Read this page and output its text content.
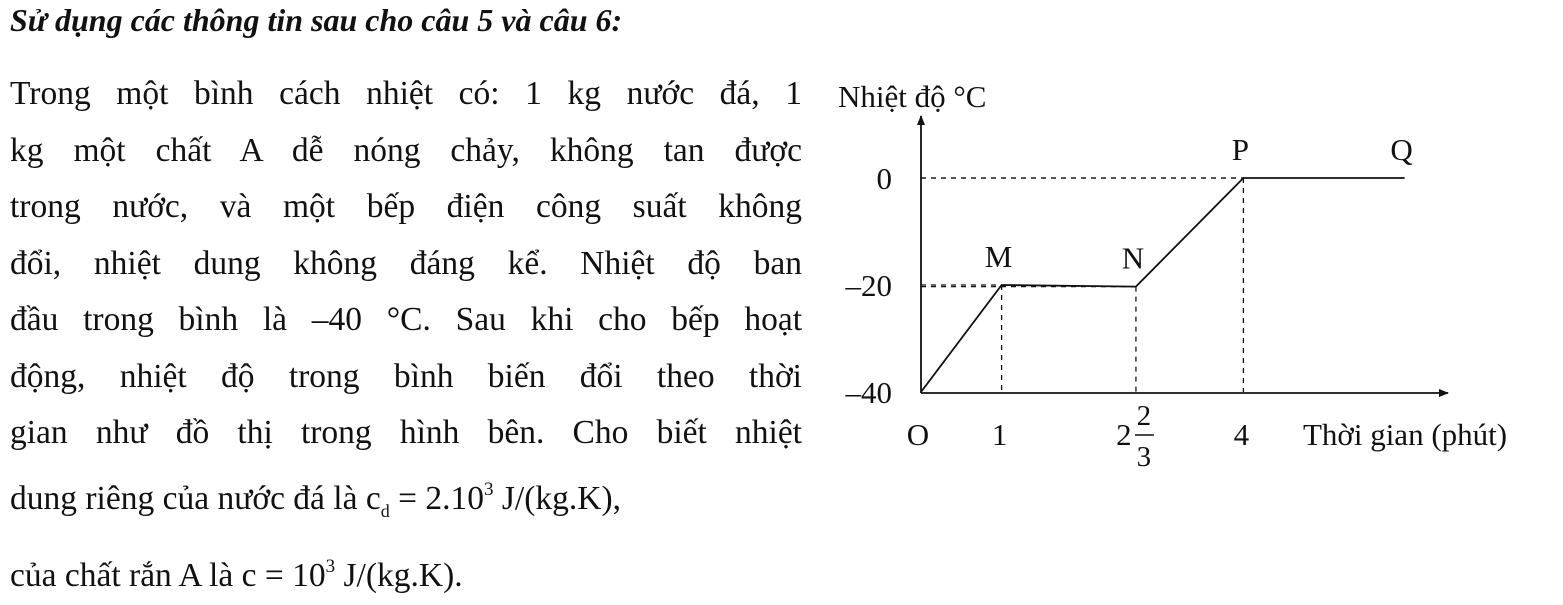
Sử dụng các thông tin sau cho câu 5 và câu 6:
Trong một bình cách nhiệt có: 1 kg nước đá, 1
kg một chất A dễ nóng chảy, không tan được
trong nước, và một bếp điện công suất không
đổi, nhiệt dung không đáng kể. Nhiệt độ ban
đầu trong bình là –40 °C. Sau khi cho bếp hoạt
động, nhiệt độ trong bình biến đổi theo thời
gian như đồ thị trong hình bên. Cho biết nhiệt
dung riêng của nước đá là $c_d = 2.10^3$ J/(kg.K),
của chất rắn A là $c = 10^3$ J/(kg.K).
M	N
P	Q
–40
–20
0
1	2
2
3
4
Nhiệt độ °C
Thời gian (phút)
O
